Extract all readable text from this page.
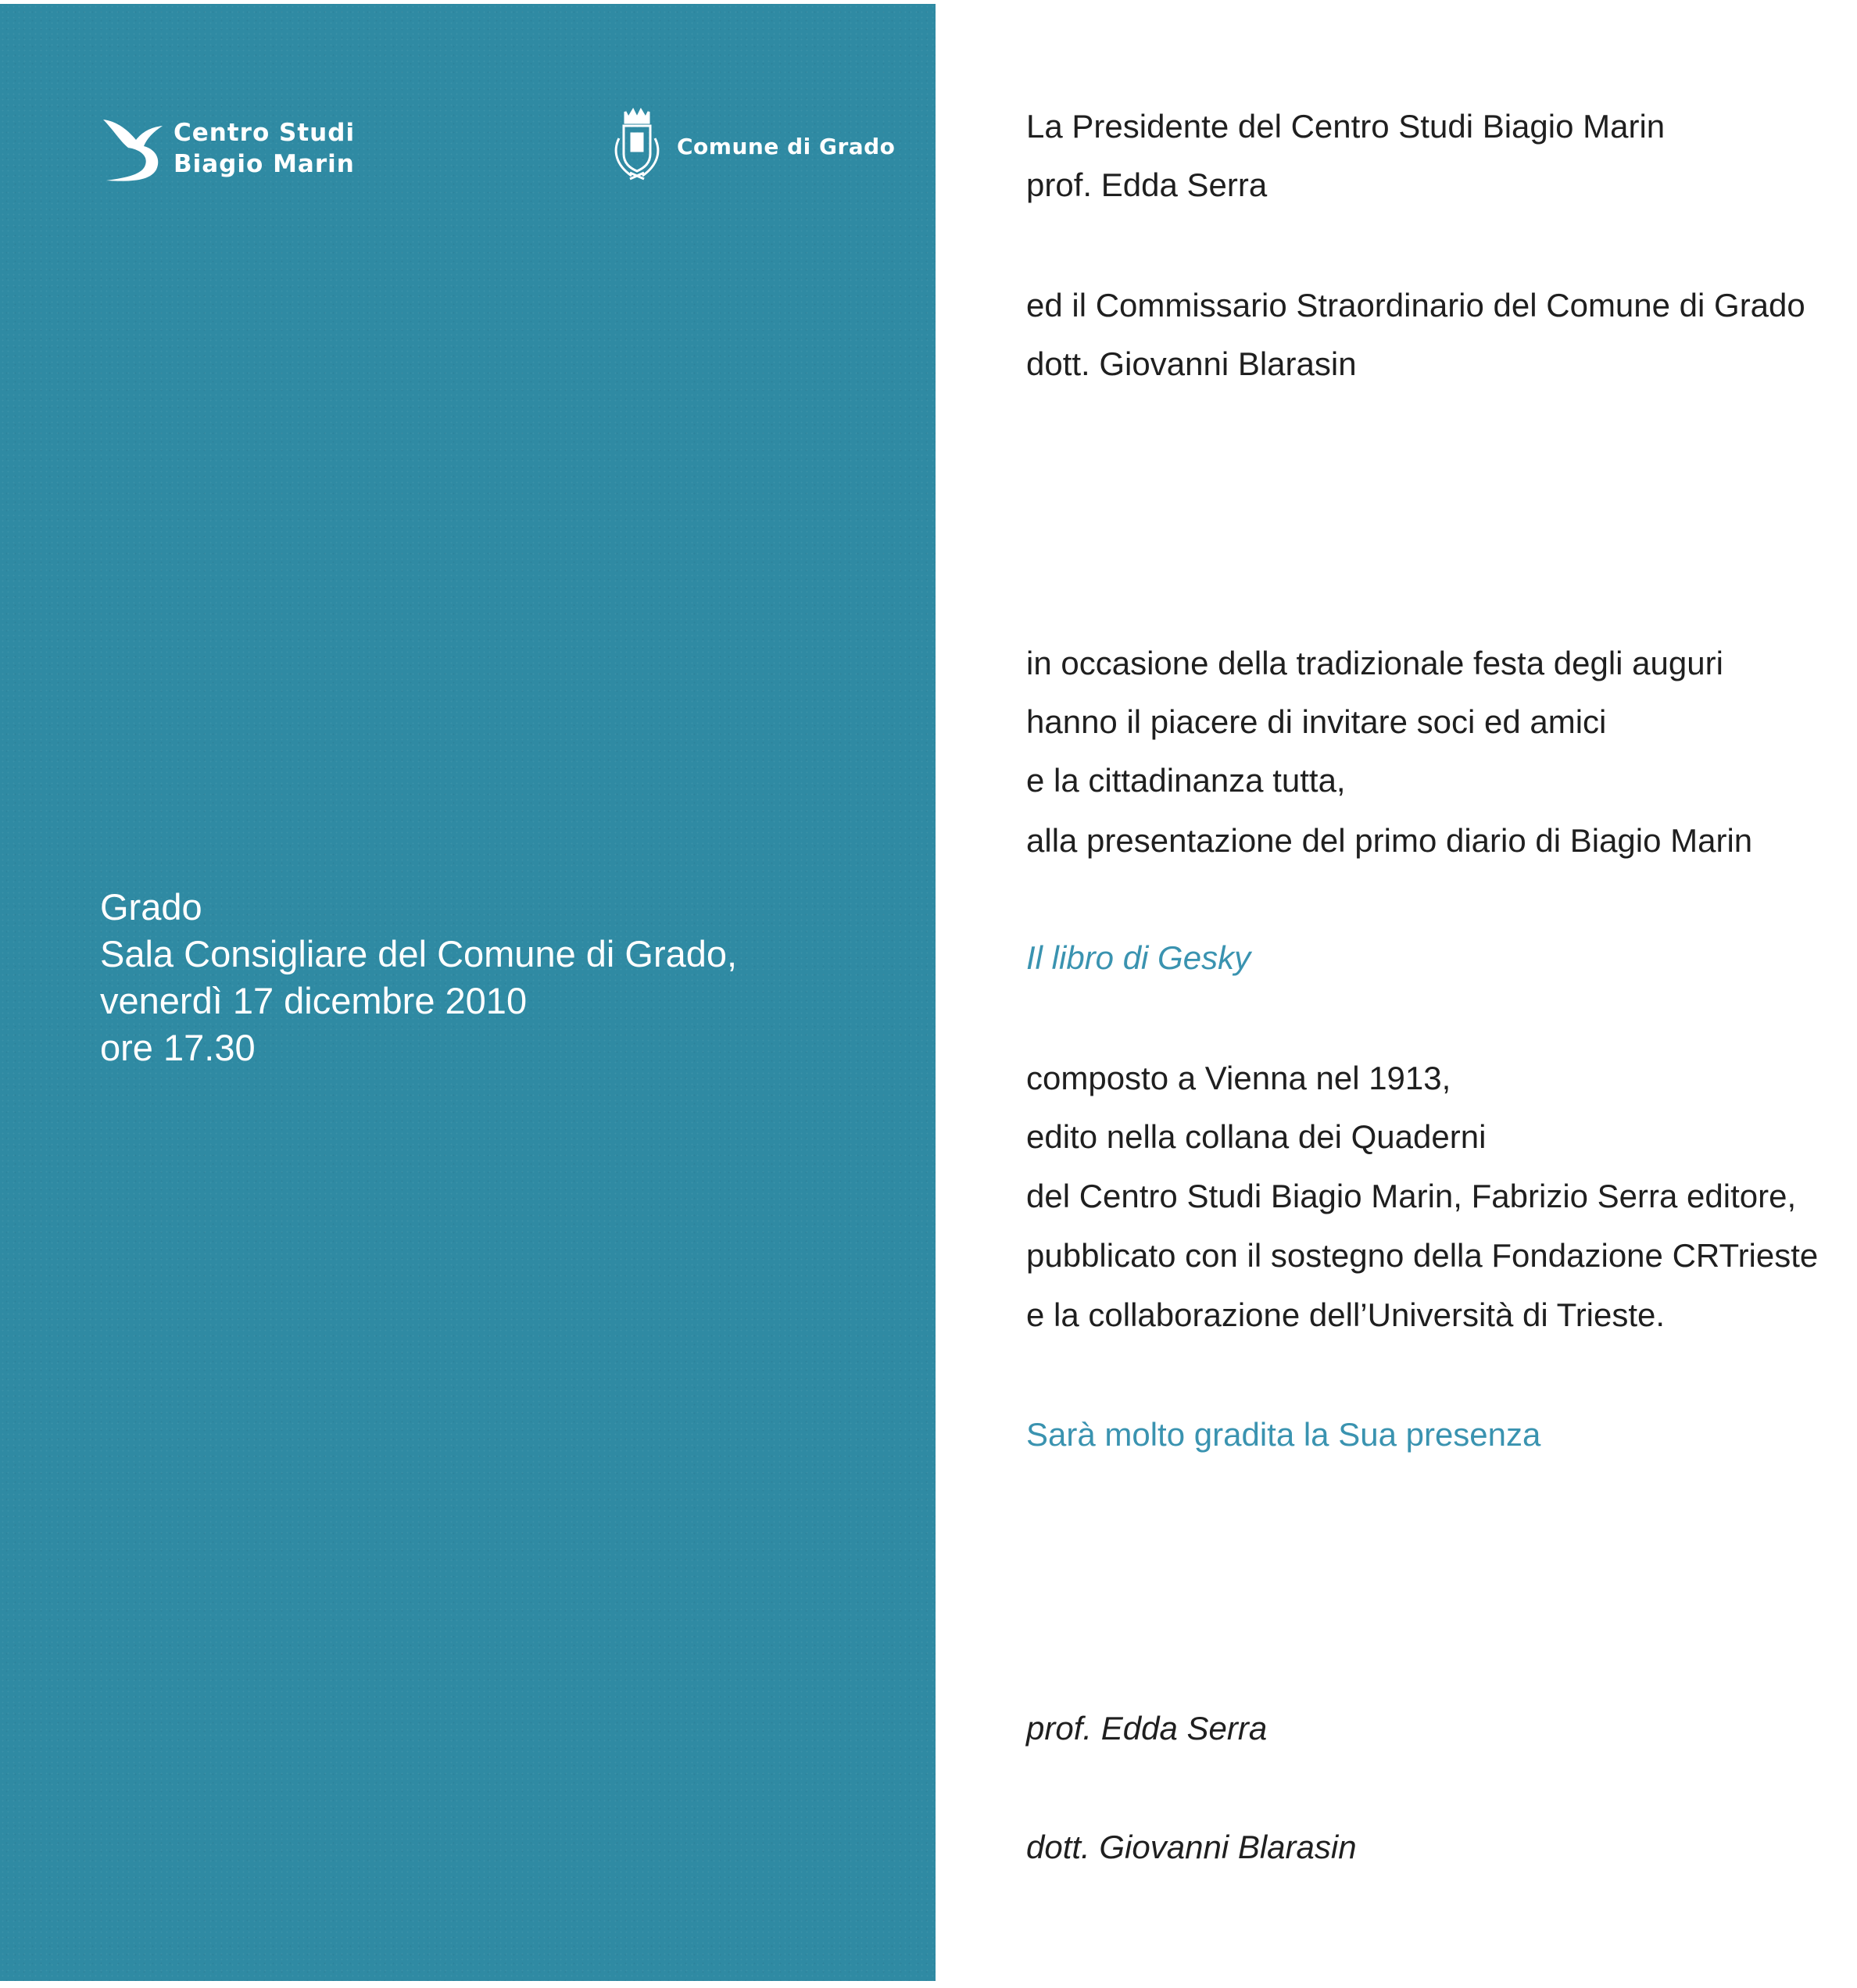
Centro Studi
Biagio Marin
Comune di Grado
Grado
Sala Consigliare del Comune di Grado,
venerdì 17 dicembre 2010
ore 17.30
La Presidente del Centro Studi Biagio Marin
prof. Edda Serra
ed il Commissario Straordinario del Comune di Grado
dott. Giovanni Blarasin
in occasione della tradizionale festa degli auguri
hanno il piacere di invitare soci ed amici
e la cittadinanza tutta,
alla presentazione del primo diario di Biagio Marin
Il libro di Gesky
composto a Vienna nel 1913,
edito nella collana dei Quaderni
del Centro Studi Biagio Marin, Fabrizio Serra editore,
pubblicato con il sostegno della Fondazione CRTrieste
e la collaborazione dell’Università di Trieste.
Sarà molto gradita la Sua presenza
prof. Edda Serra
dott. Giovanni Blarasin
